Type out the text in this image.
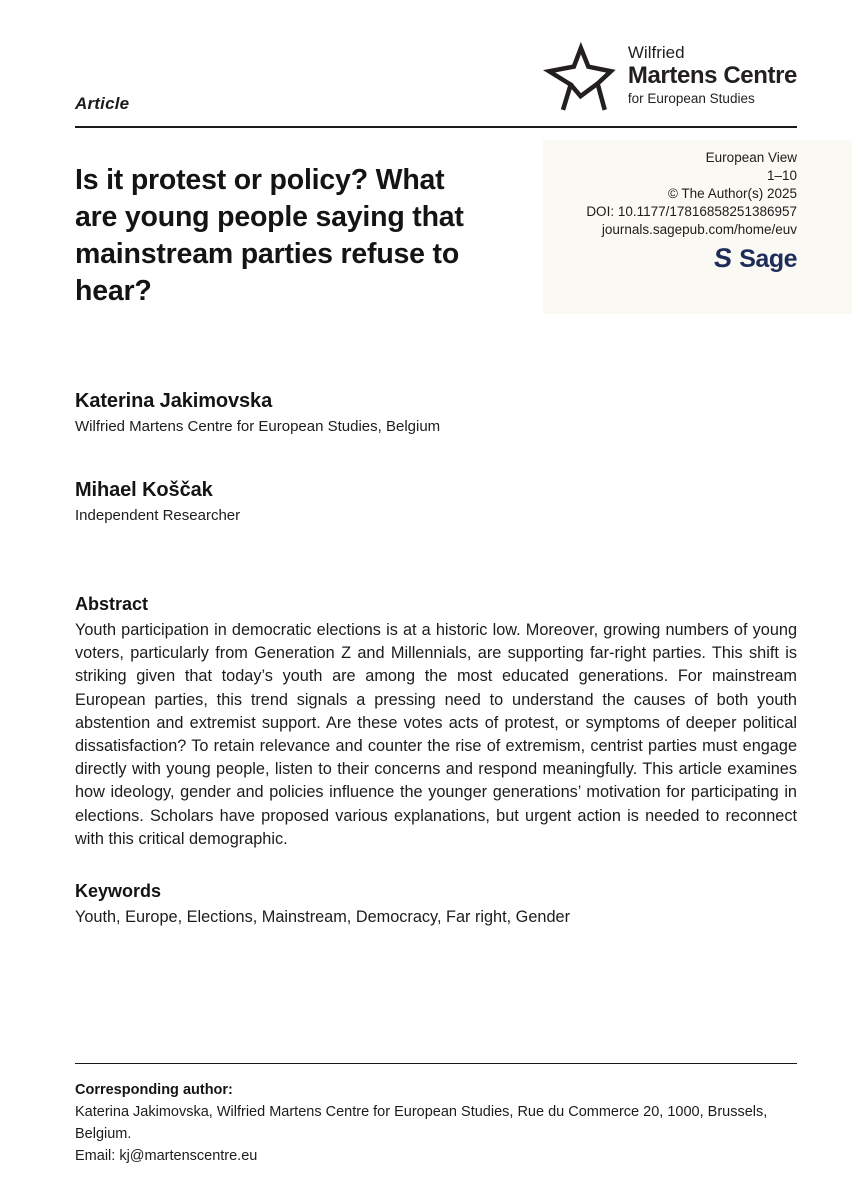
Article
Wilfried
Martens Centre
for European Studies
Is it protest or policy? What
are young people saying that
mainstream parties refuse to
hear?
European View
1–10
© The Author(s) 2025
DOI: 10.1177/17816858251386957
journals.sagepub.com/home/euv
S Sage
Katerina Jakimovska
Wilfried Martens Centre for European Studies, Belgium
Mihael Koščak
Independent Researcher
Abstract

Youth participation in democratic elections is at a historic low. Moreover, growing numbers of young voters, particularly from Generation Z and Millennials, are supporting far-right parties. This shift is striking given that today’s youth are among the most educated generations. For mainstream European parties, this trend signals a pressing need to understand the causes of both youth abstention and extremist support. Are these votes acts of protest, or symptoms of deeper political dissatisfaction? To retain relevance and counter the rise of extremism, centrist parties must engage directly with young people, listen to their concerns and respond meaningfully. This article examines how ideology, gender and policies influence the younger generations’ motivation for participating in elections. Scholars have proposed various explanations, but urgent action is needed to reconnect with this critical demographic.

Keywords
Youth, Europe, Elections, Mainstream, Democracy, Far right, Gender
Corresponding author:
Katerina Jakimovska, Wilfried Martens Centre for European Studies, Rue du Commerce 20, 1000, Brussels, Belgium.
Email: kj@martenscentre.eu
